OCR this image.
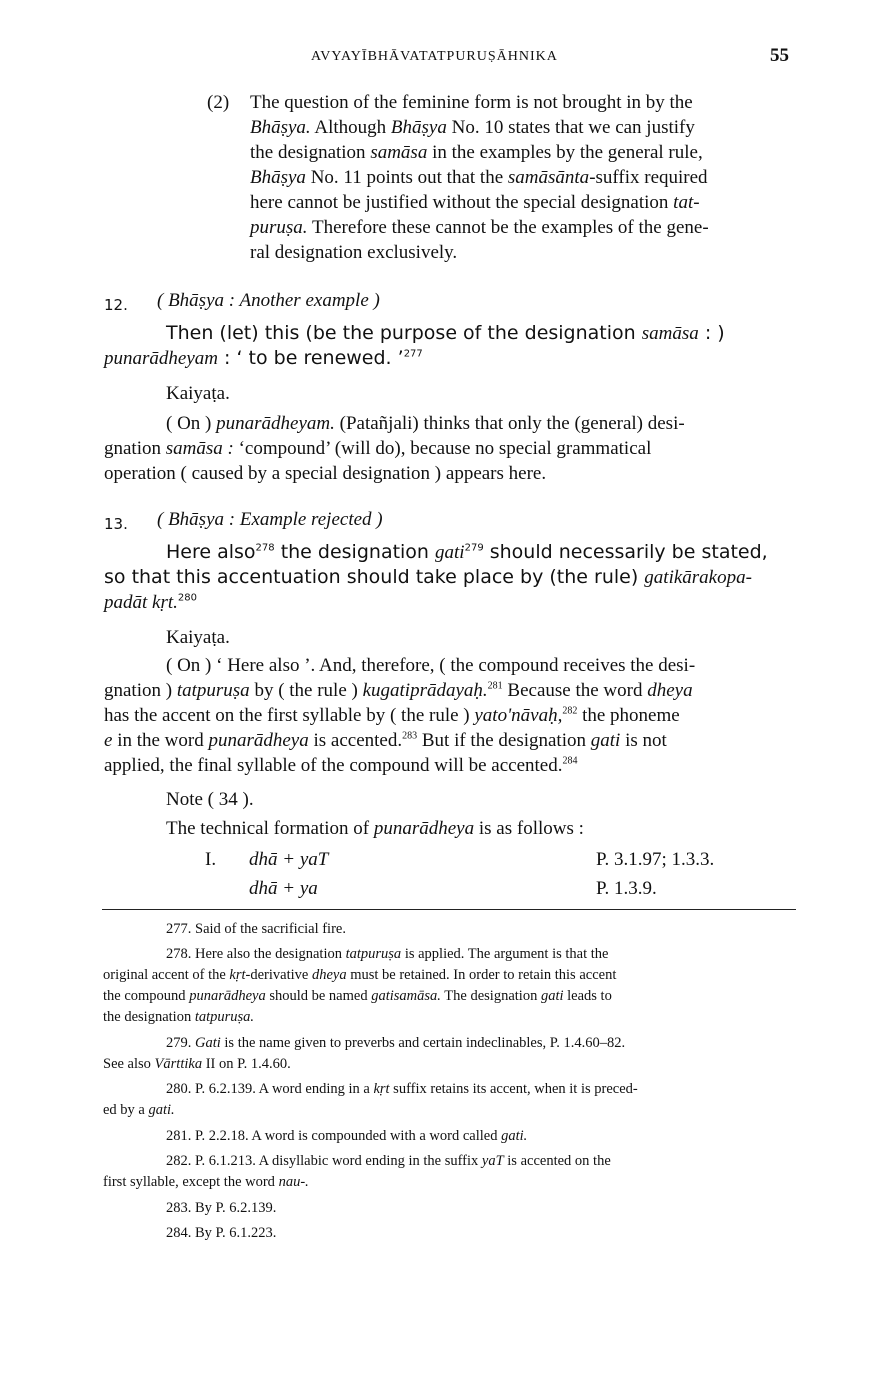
AVYAYĪBHĀVATATPURUṢĀHNIKA	55
(2) The question of the feminine form is not brought in by the
Bhāṣya. Although Bhāṣya No. 10 states that we can justify
the designation samāsa in the examples by the general rule,
Bhāṣya No. 11 points out that the samāsānta-suffix required
here cannot be justified without the special designation tat-
puruṣa. Therefore these cannot be the examples of the gene-
ral designation exclusively.
12. ( Bhāṣya : Another example )
Then (let) this (be the purpose of the designation samāsa : )
punarādheyam : ‘ to be renewed. ’$^{277}$
Kaiyaṭa.
( On ) punarādheyam. (Patañjali) thinks that only the (general) desi-
gnation samāsa : ‘compound’ (will do), because no special grammatical
operation ( caused by a special designation ) appears here.
13. ( Bhāṣya : Example rejected )
Here also$^{278}$ the designation gati$^{279}$ should necessarily be stated,
so that this accentuation should take place by (the rule) gatikārakopa-
padāt kṛt.$^{280}$
Kaiyaṭa.
( On ) ‘ Here also ’. And, therefore, ( the compound receives the desi-
gnation ) tatpuruṣa by ( the rule ) kugatiprādayaḥ.$^{281}$ Because the word dheya
has the accent on the first syllable by ( the rule ) yato'nāvaḥ,$^{282}$ the phoneme
e in the word punarādheya is accented.$^{283}$ But if the designation gati is not
applied, the final syllable of the compound will be accented.$^{284}$
Note ( 34 ).
The technical formation of punarādheya is as follows :
I. dhā + yaT	P. 3.1.97; 1.3.3.
dhā + ya	P. 1.3.9.
277. Said of the sacrificial fire.
278. Here also the designation tatpuruṣa is applied. The argument is that the
original accent of the kṛt-derivative dheya must be retained. In order to retain this accent
the compound punarādheya should be named gatisamāsa. The designation gati leads to
the designation tatpuruṣa.
279. Gati is the name given to preverbs and certain indeclinables, P. 1.4.60–82.
See also Vārttika II on P. 1.4.60.
280. P. 6.2.139. A word ending in a kṛt suffix retains its accent, when it is preced-
ed by a gati.
281. P. 2.2.18. A word is compounded with a word called gati.
282. P. 6.1.213. A disyllabic word ending in the suffix yaT is accented on the
first syllable, except the word nau-.
283. By P. 6.2.139.
284. By P. 6.1.223.
